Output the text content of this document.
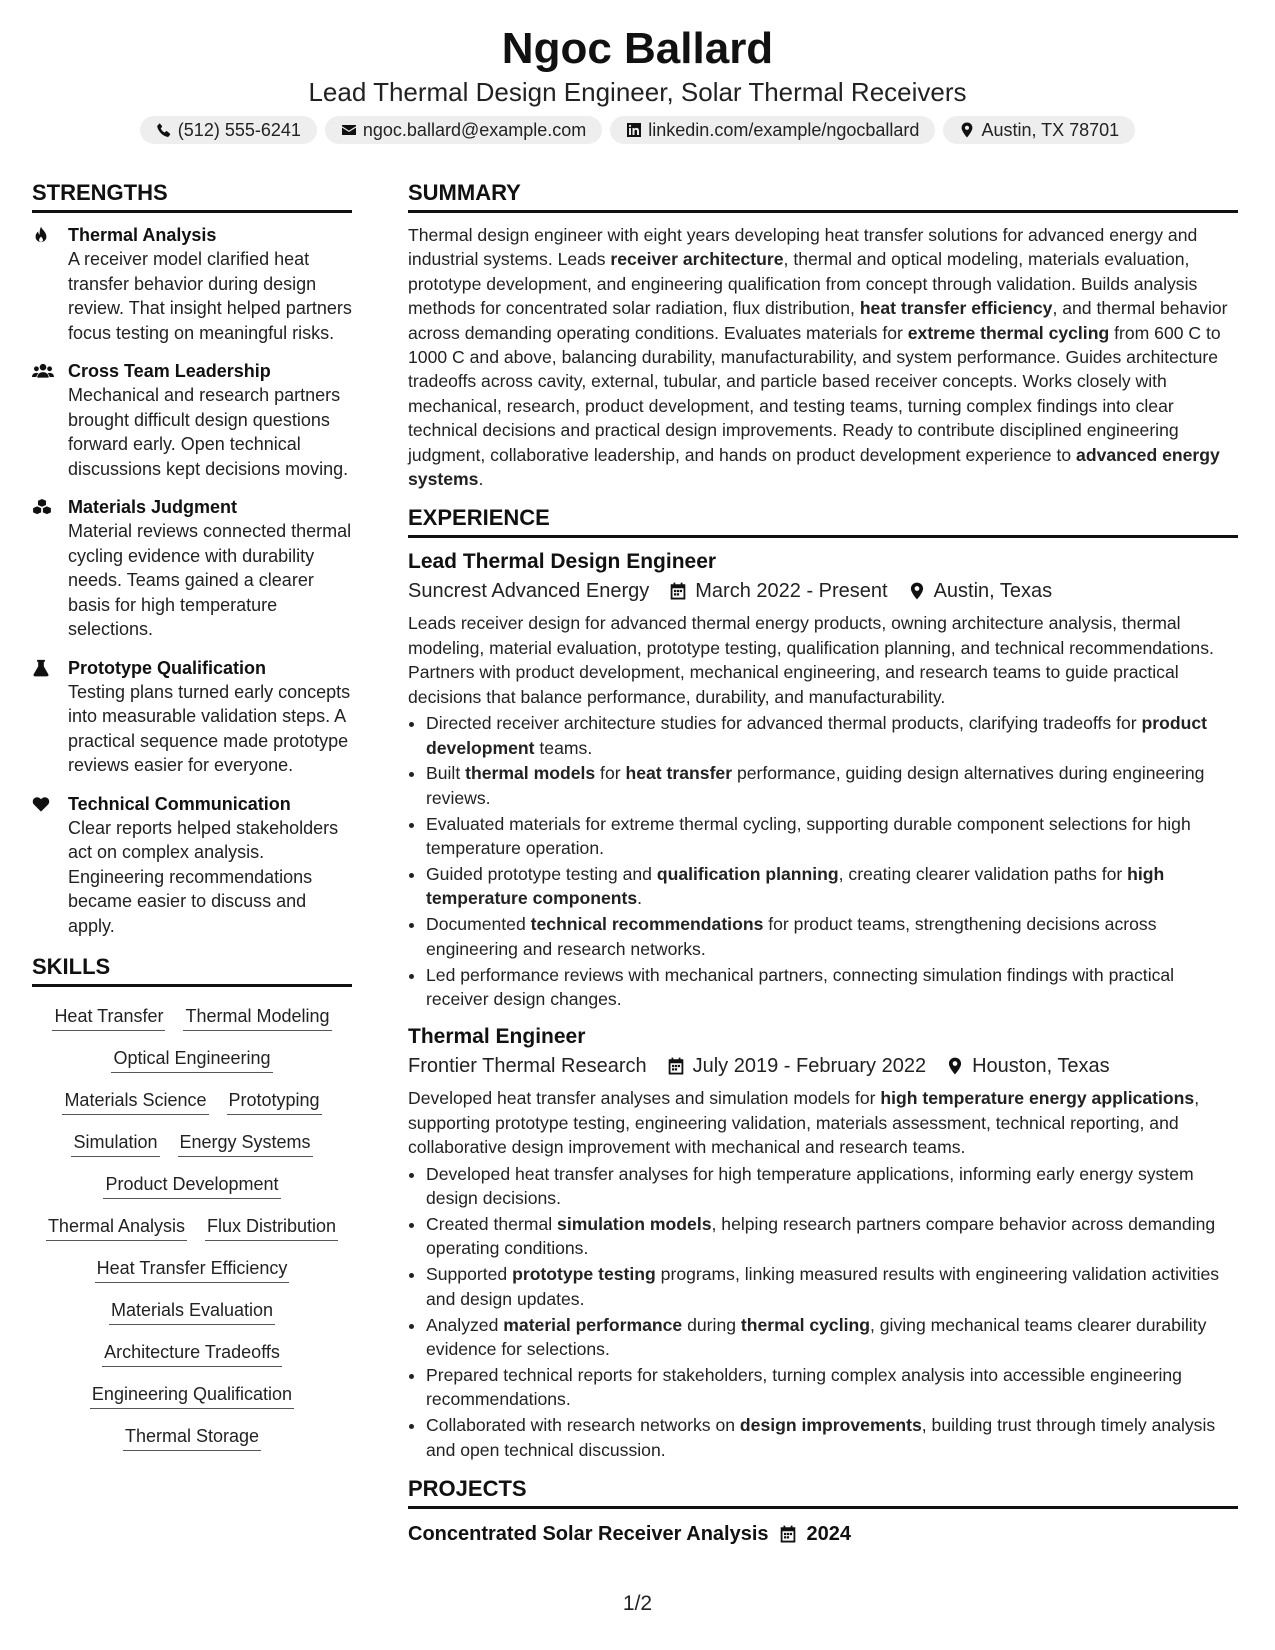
Ngoc Ballard
Lead Thermal Design Engineer, Solar Thermal Receivers
(512) 555-6241	ngoc.ballard@example.com	linkedin.com/example/ngocballard	Austin, TX 78701
STRENGTHS
Thermal Analysis
A receiver model clarified heat transfer behavior during design review. That insight helped partners focus testing on meaningful risks.
Cross Team Leadership
Mechanical and research partners brought difficult design questions forward early. Open technical discussions kept decisions moving.
Materials Judgment
Material reviews connected thermal cycling evidence with durability needs. Teams gained a clearer basis for high temperature selections.
Prototype Qualification
Testing plans turned early concepts into measurable validation steps. A practical sequence made prototype reviews easier for everyone.
Technical Communication
Clear reports helped stakeholders act on complex analysis. Engineering recommendations became easier to discuss and apply.
SKILLS
Heat Transfer Thermal Modeling
Optical Engineering
Materials Science Prototyping
Simulation Energy Systems
Product Development
Thermal Analysis Flux Distribution
Heat Transfer Efficiency
Materials Evaluation
Architecture Tradeoffs
Engineering Qualification
Thermal Storage
SUMMARY

Thermal design engineer with eight years developing heat transfer solutions for advanced energy and industrial systems. Leads receiver architecture, thermal and optical modeling, materials evaluation, prototype development, and engineering qualification from concept through validation. Builds analysis methods for concentrated solar radiation, flux distribution, heat transfer efficiency, and thermal behavior across demanding operating conditions. Evaluates materials for extreme thermal cycling from 600 C to 1000 C and above, balancing durability, manufacturability, and system performance. Guides architecture tradeoffs across cavity, external, tubular, and particle based receiver concepts. Works closely with mechanical, research, product development, and testing teams, turning complex findings into clear technical decisions and practical design improvements. Ready to contribute disciplined engineering judgment, collaborative leadership, and hands on product development experience to advanced energy systems.

EXPERIENCE
Lead Thermal Design Engineer
Suncrest Advanced Energy March 2022 - Present Austin, Texas
Leads receiver design for advanced thermal energy products, owning architecture analysis, thermal modeling, material evaluation, prototype testing, qualification planning, and technical recommendations. Partners with product development, mechanical engineering, and research teams to guide practical decisions that balance performance, durability, and manufacturability.
• Directed receiver architecture studies for advanced thermal products, clarifying tradeoffs for product development teams.
• Built thermal models for heat transfer performance, guiding design alternatives during engineering reviews.
• Evaluated materials for extreme thermal cycling, supporting durable component selections for high temperature operation.
• Guided prototype testing and qualification planning, creating clearer validation paths for high temperature components.
• Documented technical recommendations for product teams, strengthening decisions across engineering and research networks.
• Led performance reviews with mechanical partners, connecting simulation findings with practical receiver design changes.
Thermal Engineer
Frontier Thermal Research July 2019 - February 2022 Houston, Texas
Developed heat transfer analyses and simulation models for high temperature energy applications, supporting prototype testing, engineering validation, materials assessment, technical reporting, and collaborative design improvement with mechanical and research teams.
• Developed heat transfer analyses for high temperature applications, informing early energy system design decisions.
• Created thermal simulation models, helping research partners compare behavior across demanding operating conditions.
• Supported prototype testing programs, linking measured results with engineering validation activities and design updates.
• Analyzed material performance during thermal cycling, giving mechanical teams clearer durability evidence for selections.
• Prepared technical reports for stakeholders, turning complex analysis into accessible engineering recommendations.
• Collaborated with research networks on design improvements, building trust through timely analysis and open technical discussion.
PROJECTS
Concentrated Solar Receiver Analysis 2024
1/2
